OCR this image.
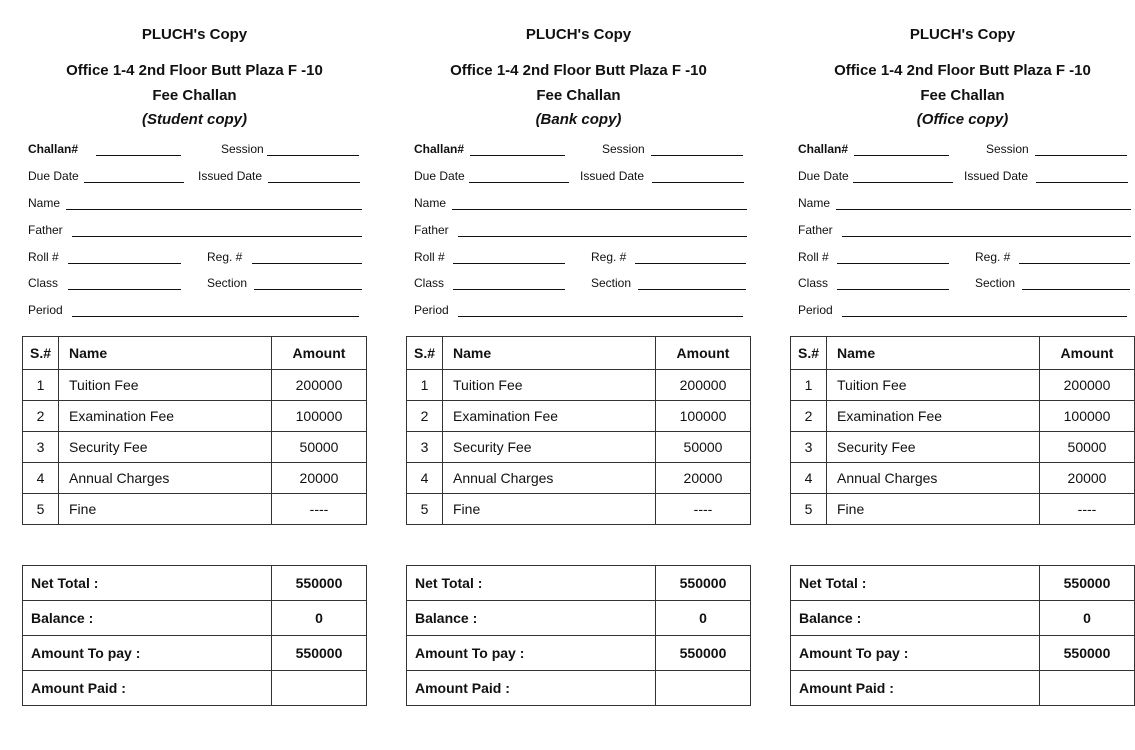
PLUCH's Copy
Office 1-4 2nd Floor Butt Plaza F -10
Fee Challan
(Student copy)
Challan#	Session
Due Date	Issued Date
Name
Father
Roll #	Reg. #
Class	Section
Period
S.#	Name	Amount
1	Tuition Fee	200000
2	Examination Fee	100000
3	Security Fee	50000
4	Annual Charges	20000
5	Fine	----
Net Total :	550000
Balance :	0
Amount To pay :	550000
Amount Paid :	
PLUCH's Copy
Office 1-4 2nd Floor Butt Plaza F -10
Fee Challan
(Bank copy)
Challan#	Session
Due Date	Issued Date
Name
Father
Roll #	Reg. #
Class	Section
Period
S.#	Name	Amount
1	Tuition Fee	200000
2	Examination Fee	100000
3	Security Fee	50000
4	Annual Charges	20000
5	Fine	----
Net Total :	550000
Balance :	0
Amount To pay :	550000
Amount Paid :	
PLUCH's Copy
Office 1-4 2nd Floor Butt Plaza F -10
Fee Challan
(Office copy)
Challan#	Session
Due Date	Issued Date
Name
Father
Roll #	Reg. #
Class	Section
Period
S.#	Name	Amount
1	Tuition Fee	200000
2	Examination Fee	100000
3	Security Fee	50000
4	Annual Charges	20000
5	Fine	----
Net Total :	550000
Balance :	0
Amount To pay :	550000
Amount Paid :	
